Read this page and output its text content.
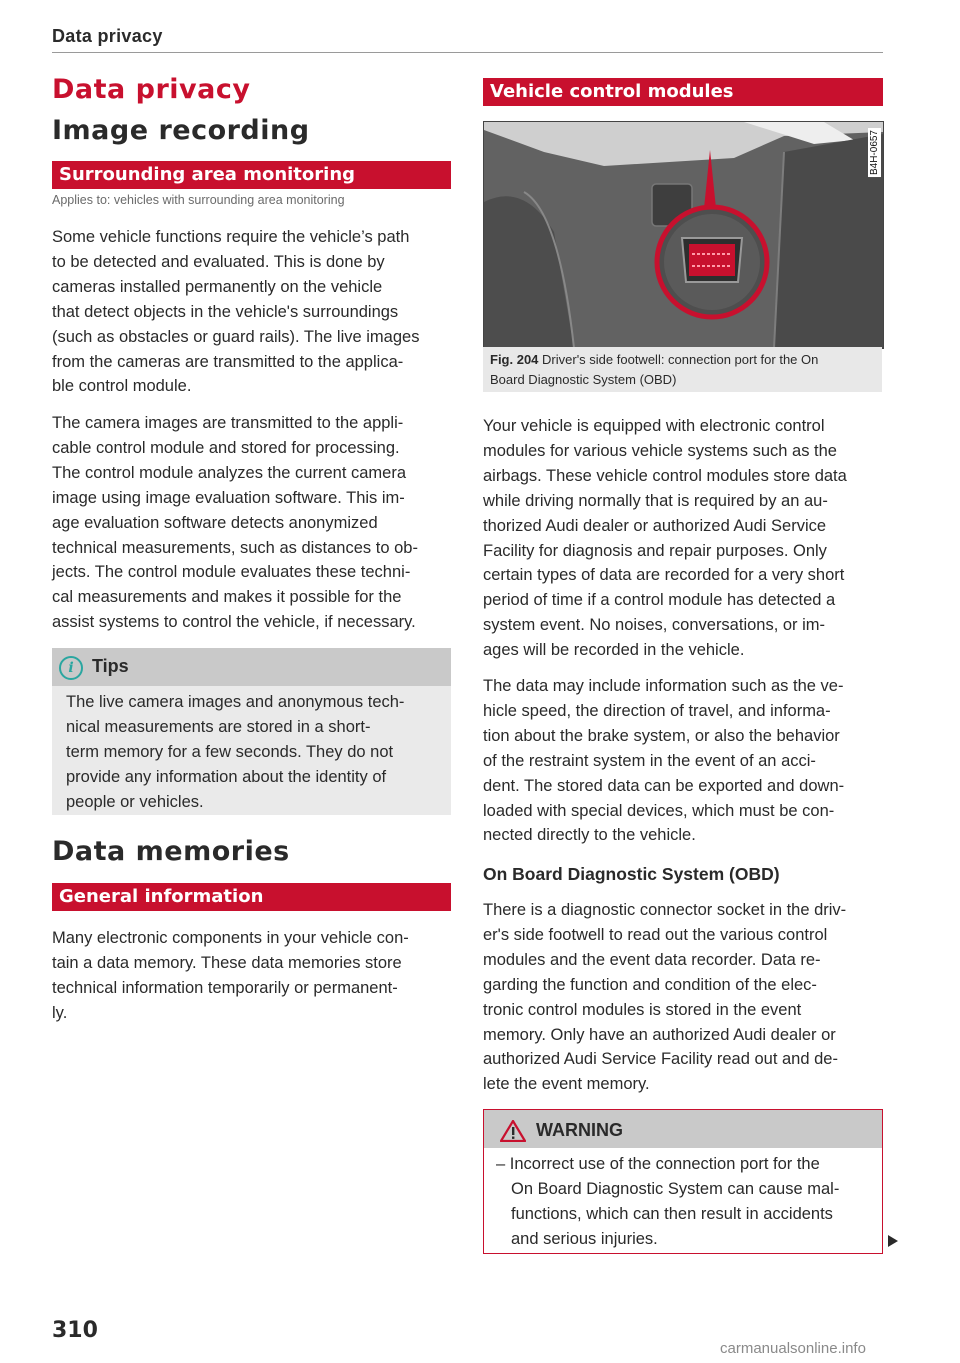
Data privacy
Data privacy
Image recording
Surrounding area monitoring
Applies to: vehicles with surrounding area monitoring

Some vehicle functions require the vehicle’s path
to be detected and evaluated. This is done by
cameras installed permanently on the vehicle
that detect objects in the vehicle's surroundings
(such as obstacles or guard rails). The live images
from the cameras are transmitted to the applica-
ble control module.

The camera images are transmitted to the appli-
cable control module and stored for processing.
The control module analyzes the current camera
image using image evaluation software. This im-
age evaluation software detects anonymized
technical measurements, such as distances to ob-
jects. The control module evaluates these techni-
cal measurements and makes it possible for the
assist systems to control the vehicle, if necessary.

i	Tips
The live camera images and anonymous tech-
nical measurements are stored in a short-
term memory for a few seconds. They do not
provide any information about the identity of
people or vehicles.
Data memories
General information

Many electronic components in your vehicle con-
tain a data memory. These data memories store
technical information temporarily or permanent-
ly.

Vehicle control modules
B4H-0657
Fig. 204 Driver's side footwell: connection port for the On
Board Diagnostic System (OBD)

Your vehicle is equipped with electronic control
modules for various vehicle systems such as the
airbags. These vehicle control modules store data
while driving normally that is required by an au-
thorized Audi dealer or authorized Audi Service
Facility for diagnosis and repair purposes. Only
certain types of data are recorded for a very short
period of time if a control module has detected a
system event. No noises, conversations, or im-
ages will be recorded in the vehicle.

The data may include information such as the ve-
hicle speed, the direction of travel, and informa-
tion about the brake system, or also the behavior
of the restraint system in the event of an acci-
dent. The stored data can be exported and down-
loaded with special devices, which must be con-
nected directly to the vehicle.

On Board Diagnostic System (OBD)

There is a diagnostic connector socket in the driv-
er's side footwell to read out the various control
modules and the event data recorder. Data re-
garding the function and condition of the elec-
tronic control modules is stored in the event
memory. Only have an authorized Audi dealer or
authorized Audi Service Facility read out and de-
lete the event memory.

WARNING
– Incorrect use of the connection port for the
On Board Diagnostic System can cause mal-
functions, which can then result in accidents
and serious injuries.
310
carmanualsonline.info
